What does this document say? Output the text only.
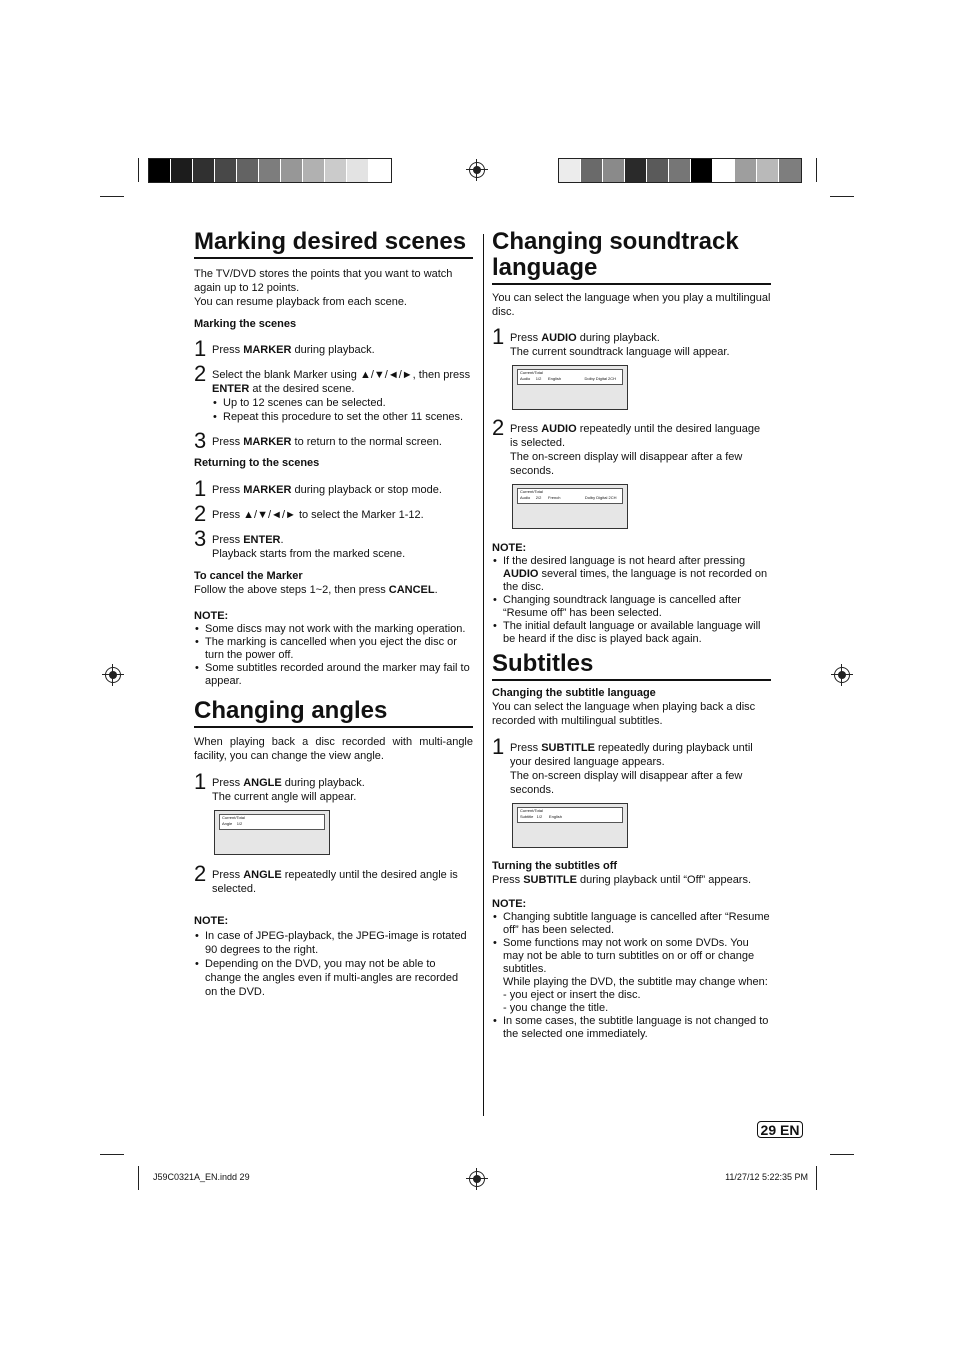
Marking desired scenes

The TV/DVD stores the points that you want to watch again up to 12 points.

You can resume playback from each scene.

Marking the scenes

1 Press MARKER during playback.
2 Select the blank Marker using ▲/▼/◄/►, then press ENTER at the desired scene.
• Up to 12 scenes can be selected.
• Repeat this procedure to set the other 11 scenes.
3 Press MARKER to return to the normal screen.

Returning to the scenes

1 Press MARKER during playback or stop mode.
2 Press ▲/▼/◄/► to select the Marker 1-12.
3 Press ENTER.
Playback starts from the marked scene.

To cancel the Marker

Follow the above steps 1~2, then press CANCEL.

NOTE:

• Some discs may not work with the marking operation.
• The marking is cancelled when you eject the disc or turn the power off.
• Some subtitles recorded around the marker may fail to appear.
Changing angles

When playing back a disc recorded with multi-angle facility, you can change the view angle.

1 Press ANGLE during playback.
The current angle will appear.
Current/Total
Angle 1/2
2 Press ANGLE repeatedly until the desired angle is selected.

NOTE:

• In case of JPEG-playback, the JPEG-image is rotated 90 degrees to the right.
• Depending on the DVD, you may not be able to change the angles even if multi-angles are recorded on the DVD.
Changing soundtrack language

You can select the language when you play a multilingual disc.

1 Press AUDIO during playback.
The current soundtrack language will appear.
Current/Total
Audio     1/2      English                     Dolby Digital 2CH
2 Press AUDIO repeatedly until the desired language is selected.
The on-screen display will disappear after a few seconds.
Current/Total
Audio     2/2      French                      Dolby Digital 2CH

NOTE:

• If the desired language is not heard after pressing AUDIO several times, the language is not recorded on the disc.
• Changing soundtrack language is cancelled after “Resume off” has been selected.
• The initial default language or available language will be heard if the disc is played back again.
Subtitles

Changing the subtitle language

You can select the language when playing back a disc recorded with multilingual subtitles.

1 Press SUBTITLE repeatedly during playback until your desired language appears.
The on-screen display will disappear after a few seconds.
Current/Total
Subtitle   1/2      English

Turning the subtitles off

Press SUBTITLE during playback until “Off” appears.

NOTE:

• Changing subtitle language is cancelled after “Resume off” has been selected.
• Some functions may not work on some DVDs. You may not be able to turn subtitles on or off or change subtitles.
While playing the DVD, the subtitle may change when:
- you eject or insert the disc.
- you change the title.
• In some cases, the subtitle language is not changed to the selected one immediately.
29 EN
J59C0321A_EN.indd 29	11/27/12 5:22:35 PM
